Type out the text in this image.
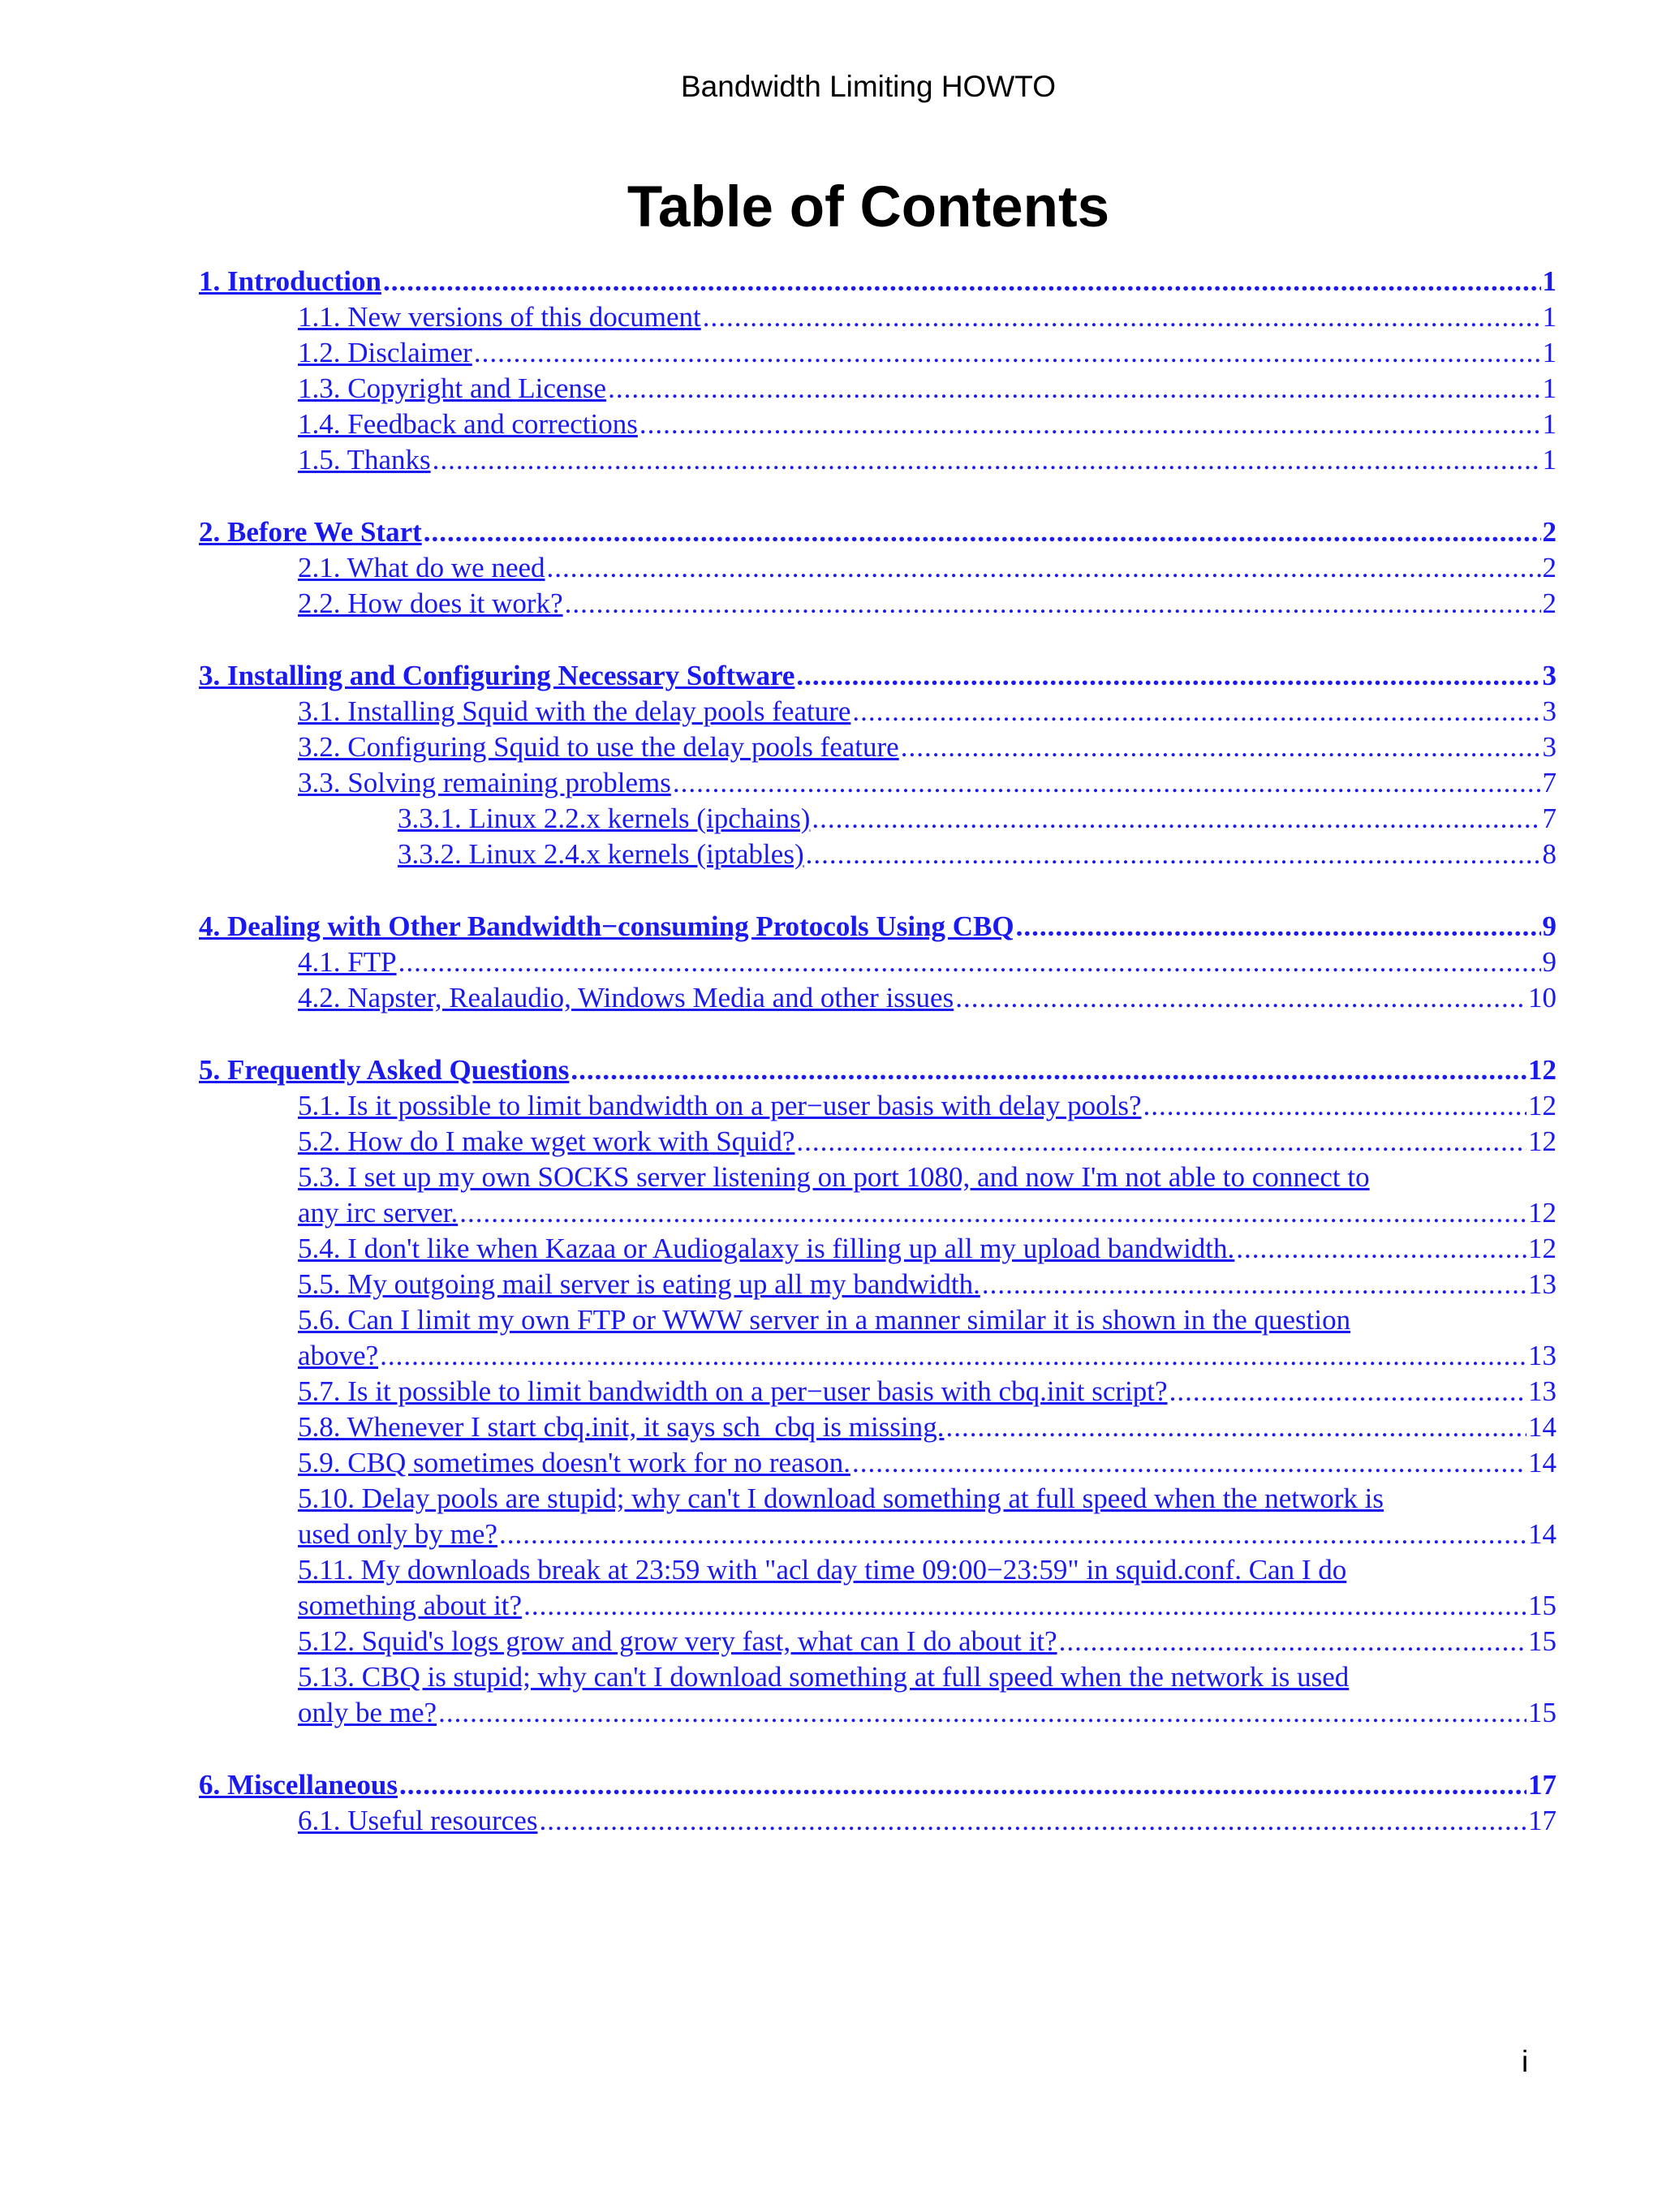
Bandwidth Limiting HOWTO
Table of Contents
1. Introduction .....	1
1.1. New versions of this document .....	1
1.2. Disclaimer .....	1
1.3. Copyright and License .....	1
1.4. Feedback and corrections .....	1
1.5. Thanks .....	1
2. Before We Start .....	2
2.1. What do we need .....	2
2.2. How does it work? .....	2
3. Installing and Configuring Necessary Software .....	3
3.1. Installing Squid with the delay pools feature .....	3
3.2. Configuring Squid to use the delay pools feature .....	3
3.3. Solving remaining problems .....	7
3.3.1. Linux 2.2.x kernels (ipchains) .....	7
3.3.2. Linux 2.4.x kernels (iptables) .....	8
4. Dealing with Other Bandwidth−consuming Protocols Using CBQ .....	9
4.1. FTP .....	9
4.2. Napster, Realaudio, Windows Media and other issues .....	10
5. Frequently Asked Questions .....	12
5.1. Is it possible to limit bandwidth on a per−user basis with delay pools? .....	12
5.2. How do I make wget work with Squid? .....	12
5.3. I set up my own SOCKS server listening on port 1080, and now I'm not able to connect to
any irc server. .....	12
5.4. I don't like when Kazaa or Audiogalaxy is filling up all my upload bandwidth. .....	12
5.5. My outgoing mail server is eating up all my bandwidth. .....	13
5.6. Can I limit my own FTP or WWW server in a manner similar it is shown in the question
above? .....	13
5.7. Is it possible to limit bandwidth on a per−user basis with cbq.init script? .....	13
5.8. Whenever I start cbq.init, it says sch_cbq is missing. .....	14
5.9. CBQ sometimes doesn't work for no reason. .....	14
5.10. Delay pools are stupid; why can't I download something at full speed when the network is
used only by me? .....	14
5.11. My downloads break at 23:59 with "acl day time 09:00−23:59" in squid.conf. Can I do
something about it? .....	15
5.12. Squid's logs grow and grow very fast, what can I do about it? .....	15
5.13. CBQ is stupid; why can't I download something at full speed when the network is used
only be me? .....	15
6. Miscellaneous .....	17
6.1. Useful resources .....	17
i
